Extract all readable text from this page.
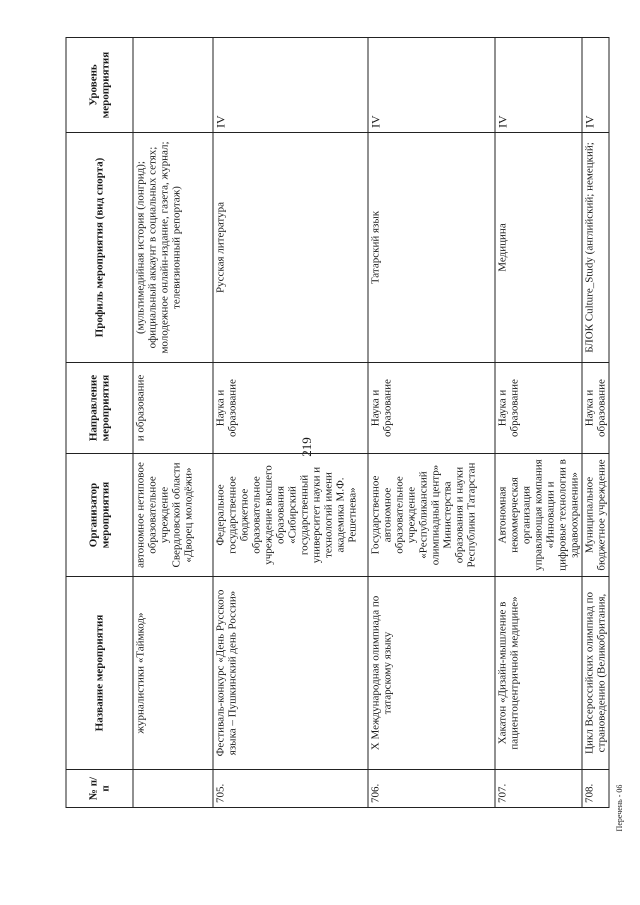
219
№ п/п	Название мероприятия	Организатор мероприятия	Направление мероприятия	Профиль мероприятия (вид спорта)	Уровень мероприятия
	журналистики «Таймкод»	автономное нетиповое образовательное учреждение Свердловской области «Дворец молодёжи»	и образование	(мультимедийная история (лонгрид); официальный аккаунт в социальных сетях; молодежное онлайн-издание, газета, журнал; телевизионный репортаж)	
705.	Фестиваль-конкурс «День Русского языка – Пушкинский день России»	Федеральное государственное бюджетное образовательное учреждение высшего образования «Сибирский государственный университет науки и технологий имени академика М.Ф. Решетнева»	Наука и образование	Русская литература	IV
706.	X Международная олимпиада по татарскому языку	Государственное автономное образовательное учреждение «Республиканский олимпиадный центр» Министерства образования и науки Республики Татарстан	Наука и образование	Татарский язык	IV
707.	Хакатон «Дизайн-мышление в пациентоцентричной медицине»	Автономная некоммерческая организация управляющая компания «Инновации и цифровые технологии в здравоохранении»	Наука и образование	Медицина	IV
708.	Цикл Всероссийских олимпиад по страноведению (Великобритания,	Муниципальное бюджетное учреждение	Наука и образование	БЛОК Culture_Study (английский; немецкий;	IV
Перечень - 06
